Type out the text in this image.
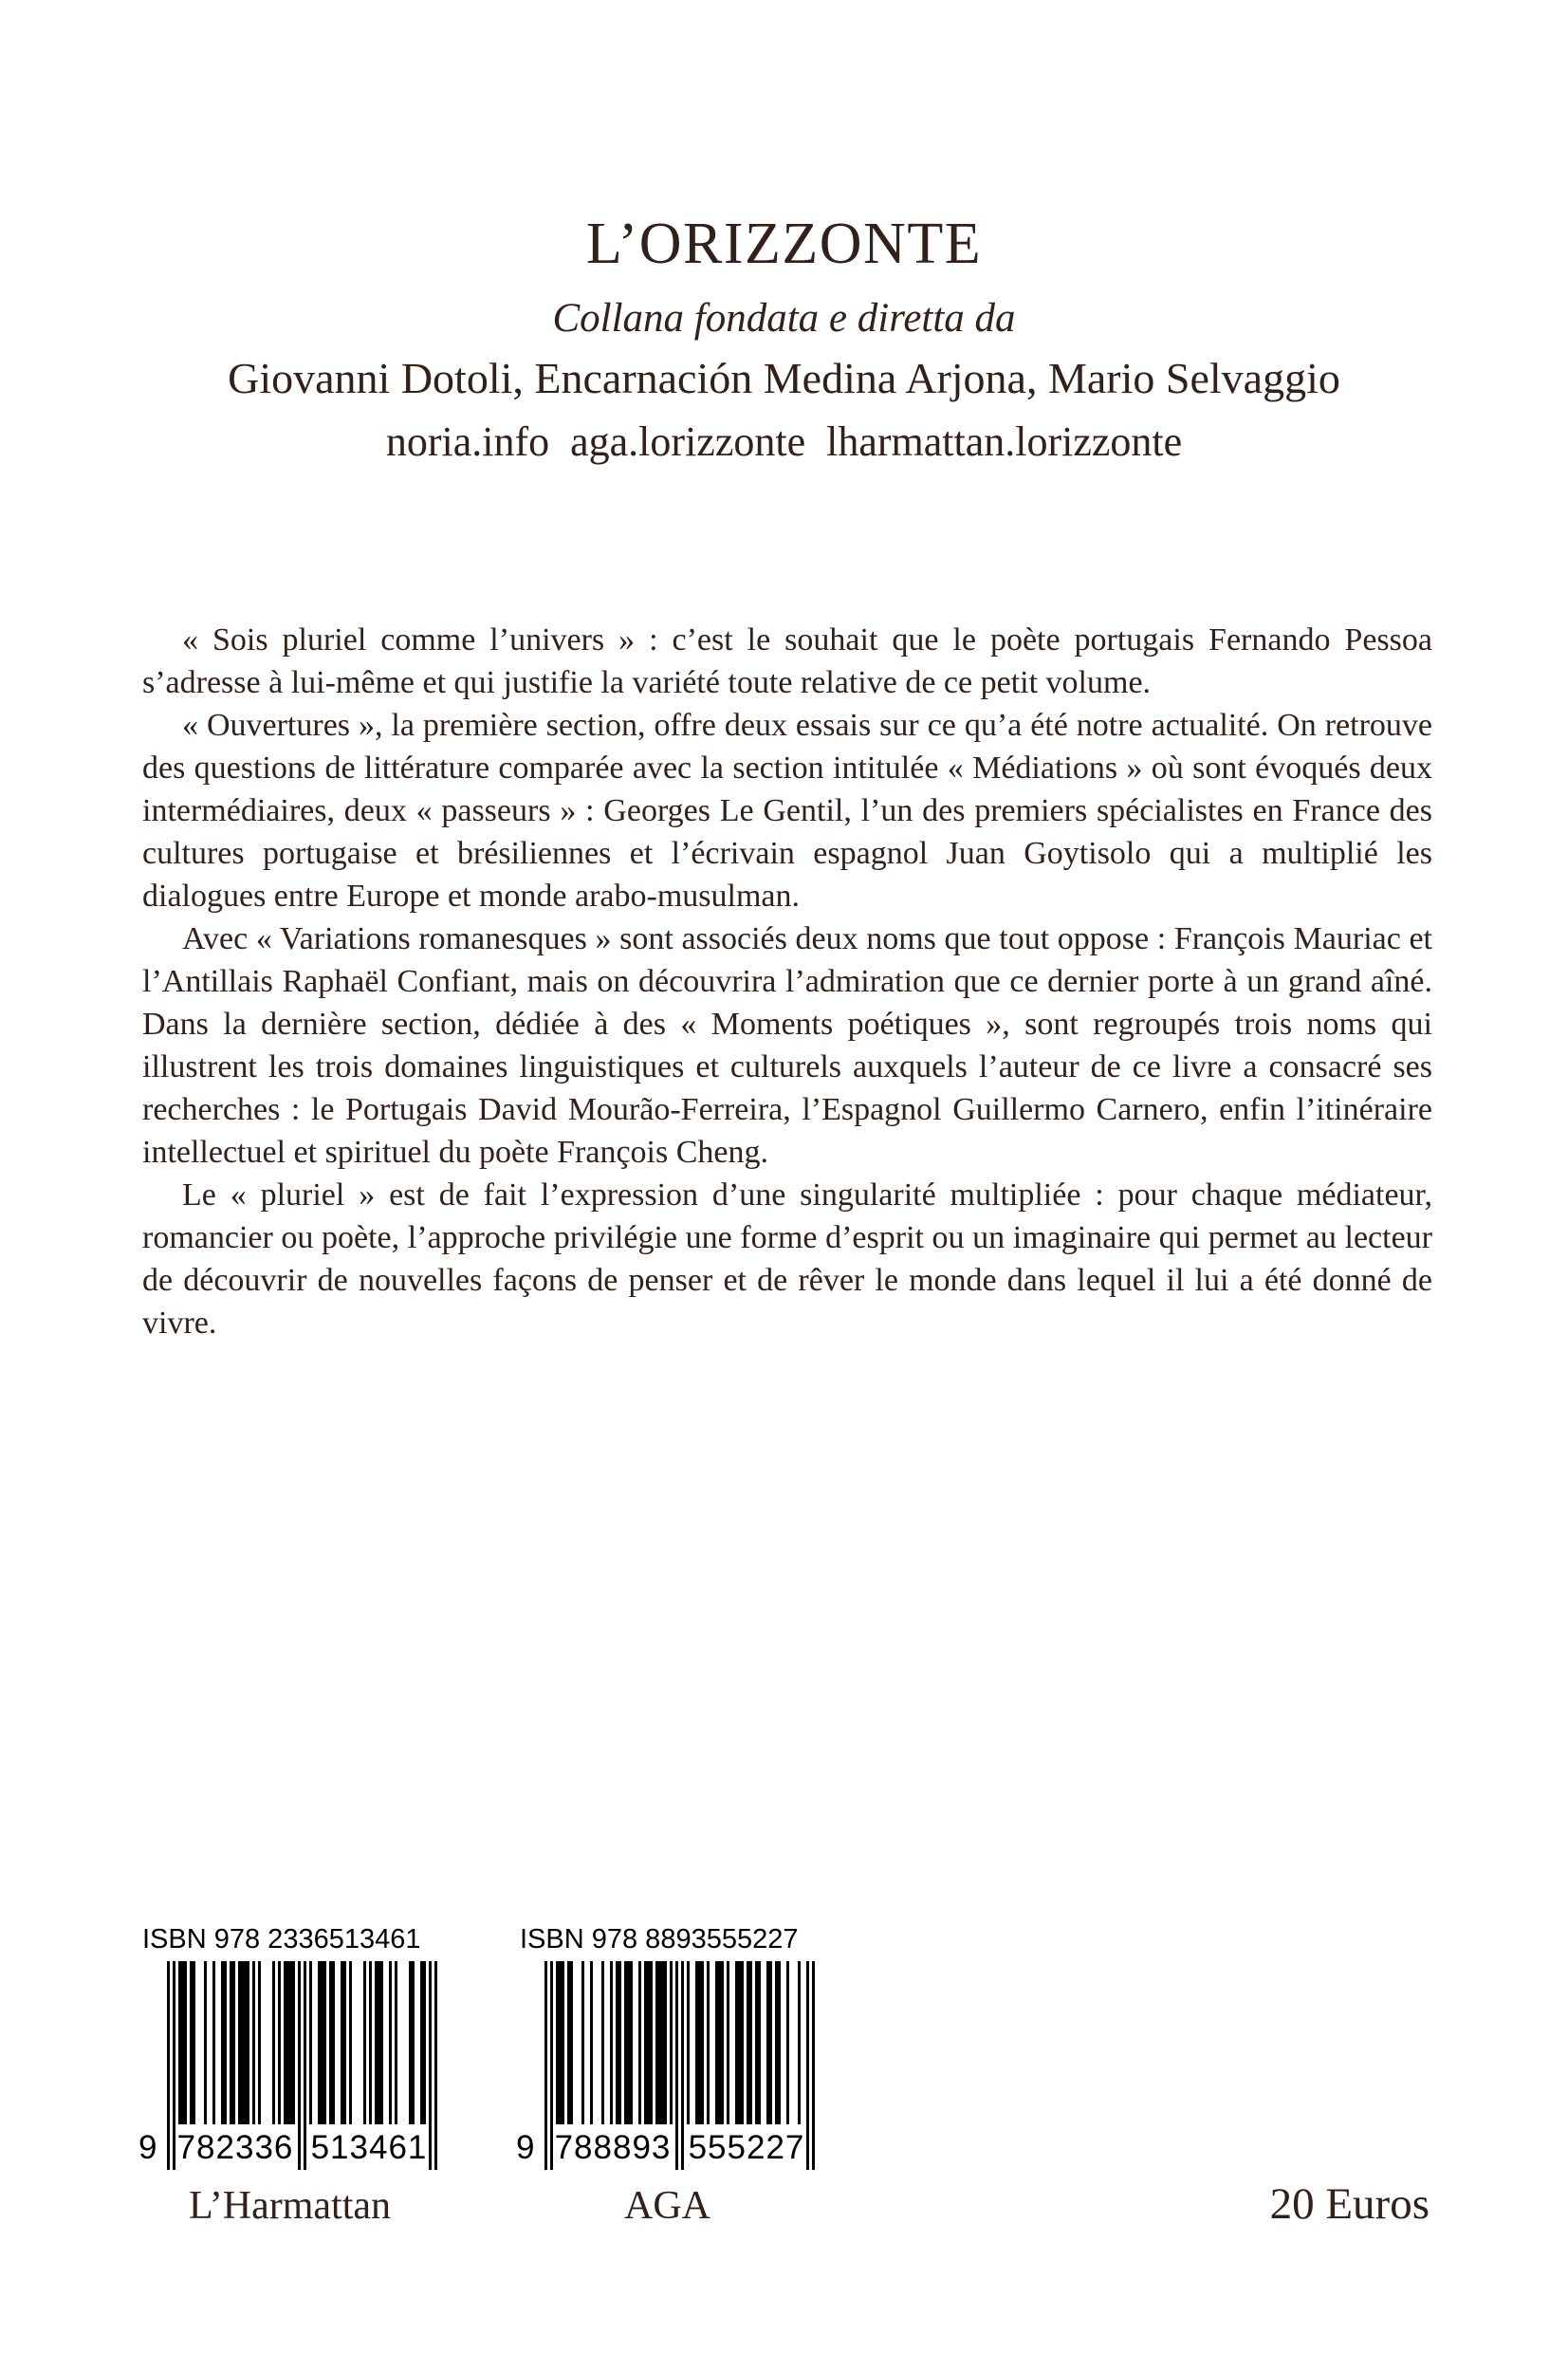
L’ORIZZONTE
Collana fondata e diretta da
Giovanni Dotoli, Encarnación Medina Arjona, Mario Selvaggio
noria.info  aga.lorizzonte  lharmattan.lorizzonte

« Sois pluriel comme l’univers » : c’est le souhait que le poète portugais Fernando Pessoa s’adresse à lui-même et qui justifie la variété toute relative de ce petit volume.

« Ouvertures », la première section, offre deux essais sur ce qu’a été notre actualité. On retrouve des questions de littérature comparée avec la section intitulée « Médiations » où sont évoqués deux intermédiaires, deux « passeurs » : Georges Le Gentil, l’un des premiers spécialistes en France des cultures portugaise et brésiliennes et l’écrivain espagnol Juan Goytisolo qui a multiplié les dialogues entre Europe et monde arabo-musulman.

Avec « Variations romanesques » sont associés deux noms que tout oppose : François Mauriac et l’Antillais Raphaël Confiant, mais on découvrira l’admiration que ce dernier porte à un grand aîné. Dans la dernière section, dédiée à des « Moments poétiques », sont regroupés trois noms qui illustrent les trois domaines linguistiques et culturels auxquels l’auteur de ce livre a consacré ses recherches : le Portugais David Mourão-Ferreira, l’Espagnol Guillermo Carnero, enfin l’itinéraire intellectuel et spirituel du poète François Cheng.

Le « pluriel » est de fait l’expression d’une singularité multipliée : pour chaque médiateur, romancier ou poète, l’approche privilégie une forme d’esprit ou un imaginaire qui permet au lecteur de découvrir de nouvelles façons de penser et de rêver le monde dans lequel il lui a été donné de vivre.

ISBN 978 2336513461
9 782336 513461
L’Harmattan
ISBN 978 8893555227
9 788893 555227
AGA	20 Euros
